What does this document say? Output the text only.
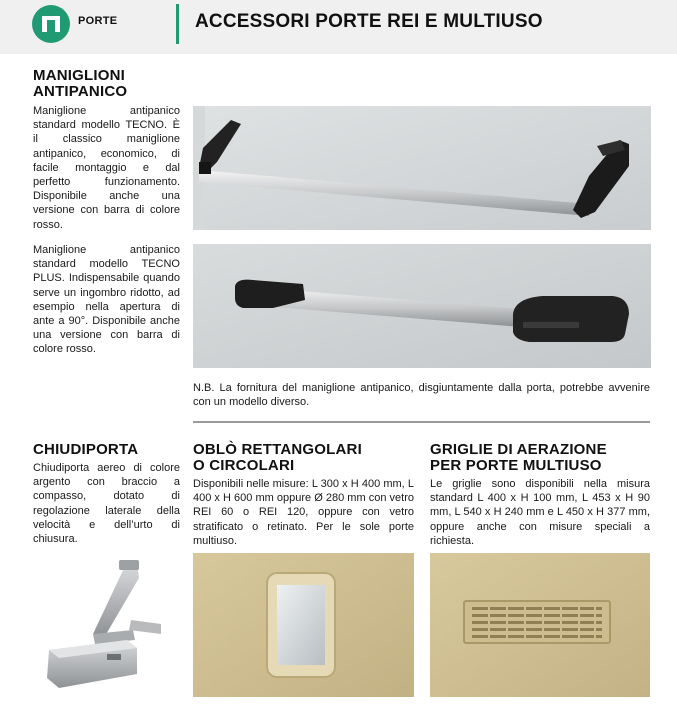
PORTE	ACCESSORI PORTE REI E MULTIUSO
MANIGLIONI
ANTIPANICO
Maniglione antipanico standard modello TECNO. È il classico maniglione antipanico, economico, di facile montaggio e dal perfetto funzionamento. Disponibile anche una versione con barra di colore rosso.
Maniglione antipanico standard modello TECNO PLUS. Indispensabile quando serve un ingombro ridotto, ad esempio nella apertura di ante a 90°. Disponibile anche una versione con barra di colore rosso.
N.B. La fornitura del maniglione antipanico, disgiuntamente dalla porta, potrebbe avvenire con un modello diverso.
CHIUDIPORTA
Chiudiporta aereo di colore argento con braccio a compasso, dotato di regolazione laterale della velocità e dell’urto di chiusura.
OBLÒ RETTANGOLARI
O CIRCOLARI
Disponibili nelle misure: L 300 x H 400 mm, L 400 x H 600 mm oppure Ø 280 mm con vetro REI 60 o REI 120, oppure con vetro stratificato o retinato. Per le sole porte multiuso.
GRIGLIE DI AERAZIONE
PER PORTE MULTIUSO
Le griglie sono disponibili nella misura standard L 400 x H 100 mm, L 453 x H 90 mm, L 540 x H 240 mm e L 450 x H 377 mm, oppure anche con misure speciali a richiesta.
